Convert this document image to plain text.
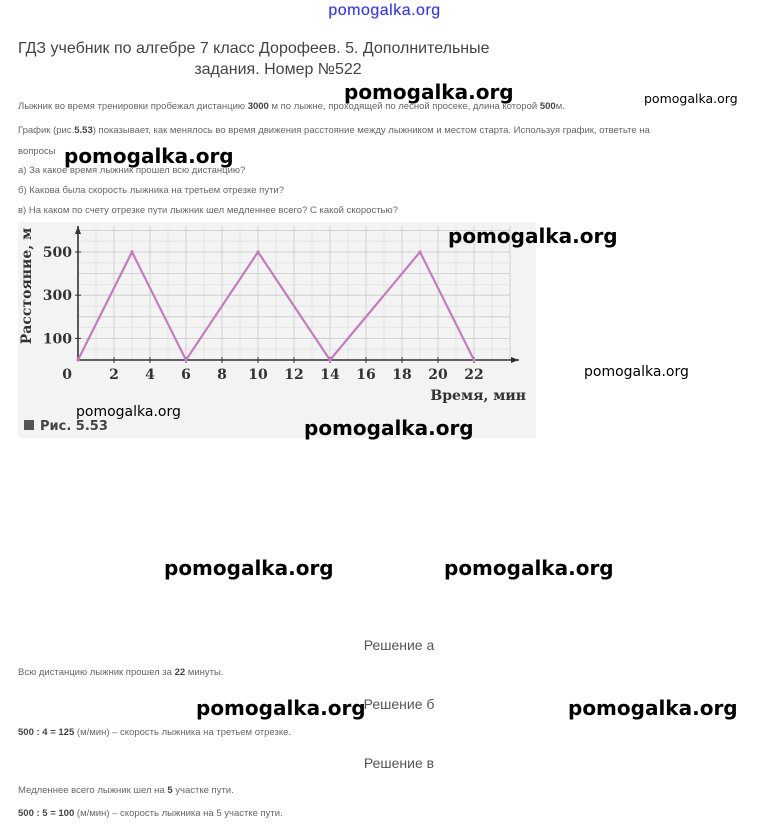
pomogalka.org
ГДЗ учебник по алгебре 7 класс Дорофеев. 5. Дополнительные
задания. Номер №522
Лыжник во время тренировки пробежал дистанцию 3000 м по лыжне, проходящей по лесной просеке, длина которой 500м.
График (рис.5.53) показывает, как менялось во время движения расстояние между лыжником и местом старта. Используя график, ответьте на
вопросы
а) За какое время лыжник прошел всю дистанцию?
б) Какова была скорость лыжника на третьем отрезке пути?
в) На каком по счету отрезке пути лыжник шел медленнее всего? С какой скоростью?
2 4 6 8 10 12 14 16 18 20 22
100
300
500
0
Расстояние, м
Время, мин
Рис. 5.53
Решение а
Всю дистанцию лыжник прошел за 22 минуты.
Решение б
500 : 4 = 125 (м/мин) – скорость лыжника на третьем отрезке.
Решение в
Медленнее всего лыжник шел на 5 участке пути.
500 : 5 = 100 (м/мин) – скорость лыжника на 5 участке пути.
pomogalka.org	pomogalka.org
pomogalka.org
pomogalka.org
pomogalka.org
pomogalka.org
pomogalka.org
pomogalka.org	pomogalka.org
pomogalka.org	pomogalka.org
